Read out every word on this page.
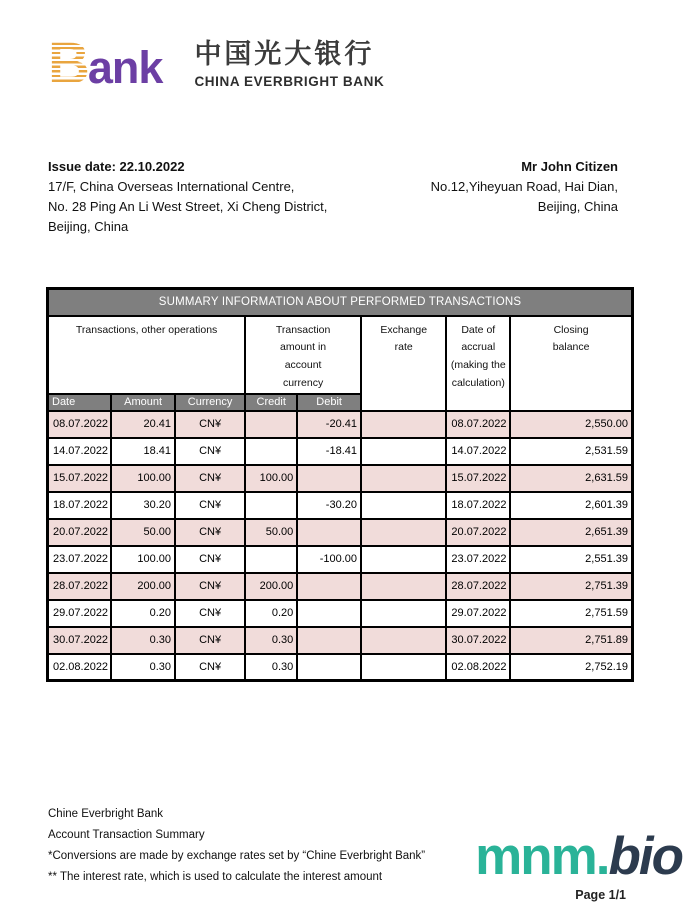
B ank 中国光大银行
CHINA EVERBRIGHT BANK
Issue date: 22.10.2022
17/F, China Overseas International Centre,
No. 28 Ping An Li West Street, Xi Cheng District,
Beijing, China
Mr John Citizen
No.12,Yiheyuan Road, Hai Dian,
Beijing, China
SUMMARY INFORMATION ABOUT PERFORMED TRANSACTIONS							
Transactions, other operations			Transaction amount in account currency		Exchange rate	Date of accrual (making the calculation)	Closing balance
Date	Amount	Currency	Credit	Debit			
08.07.2022	20.41	CN¥		-20.41		08.07.2022	2,550.00
14.07.2022	18.41	CN¥		-18.41		14.07.2022	2,531.59
15.07.2022	100.00	CN¥	100.00			15.07.2022	2,631.59
18.07.2022	30.20	CN¥		-30.20		18.07.2022	2,601.39
20.07.2022	50.00	CN¥	50.00			20.07.2022	2,651.39
23.07.2022	100.00	CN¥		-100.00		23.07.2022	2,551.39
28.07.2022	200.00	CN¥	200.00			28.07.2022	2,751.39
29.07.2022	0.20	CN¥	0.20			29.07.2022	2,751.59
30.07.2022	0.30	CN¥	0.30			30.07.2022	2,751.89
02.08.2022	0.30	CN¥	0.30			02.08.2022	2,752.19
Chine Everbright Bank
Account Transaction Summary
*Conversions are made by exchange rates set by “Chine Everbright Bank”
** The interest rate, which is used to calculate the interest amount	mnm.bio
Page 1/1
